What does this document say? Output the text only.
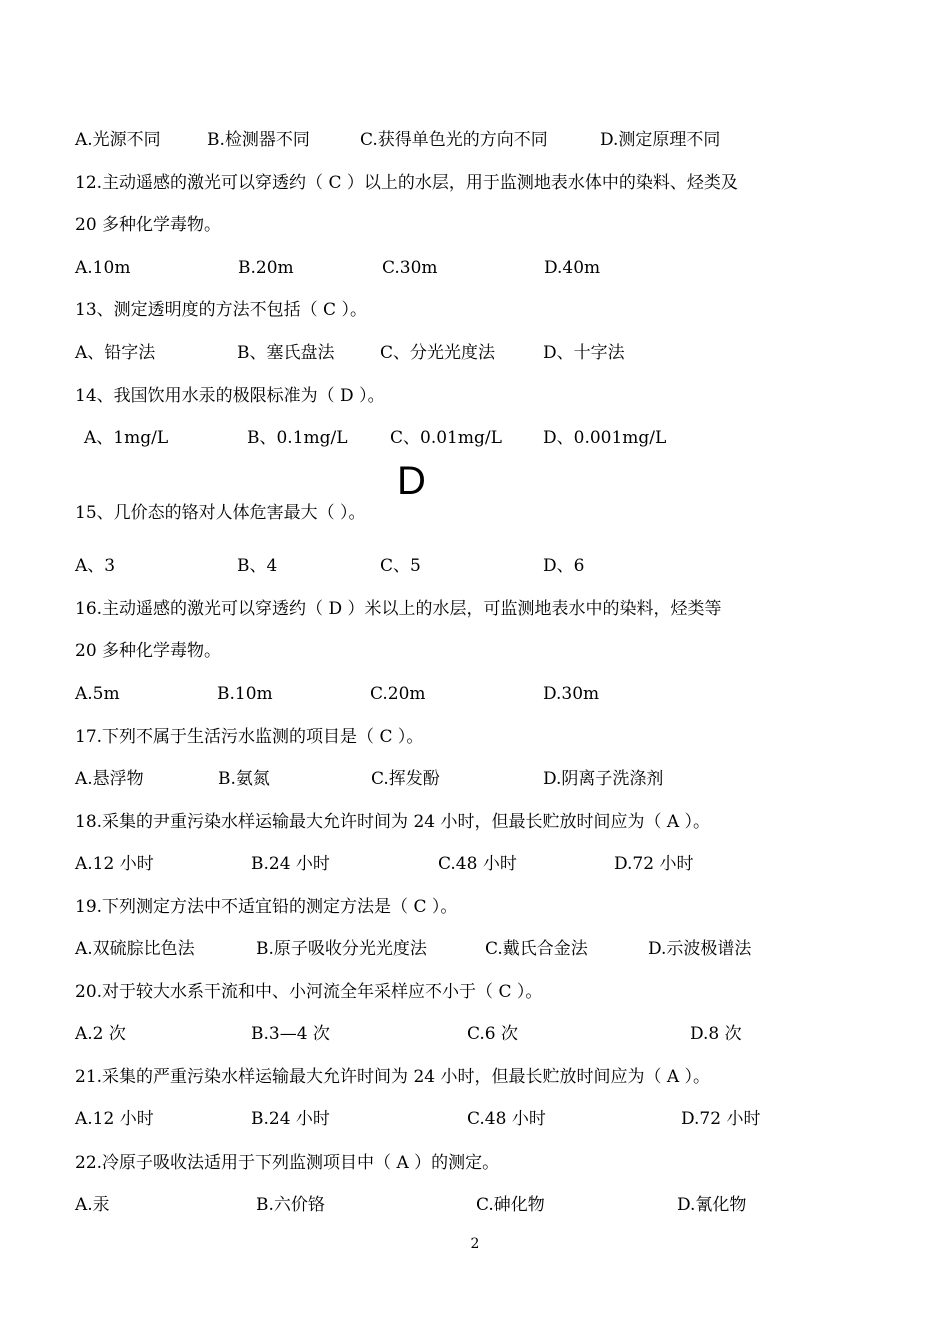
A.光源不同	B.检测器不同	C.获得单色光的方向不同	D.测定原理不同
12.主动遥感的激光可以穿透约（ C ）以上的水层，用于监测地表水体中的染料、烃类及
20 多种化学毒物。
A.10m	B.20m	C.30m	D.40m
13、测定透明度的方法不包括（ C ）。
A、铅字法	B、塞氏盘法	C、分光光度法	D、十字法
14、我国饮用水汞的极限标准为（ D ）。
A、1mg/L	B、0.1mg/L C、0.01mg/L D、0.001mg/L
D
15、几价态的铬对人体危害最大（ ）。
A、3	B、4	C、5	D、6
16.主动遥感的激光可以穿透约（ D ）米以上的水层，可监测地表水中的染料，烃类等
20 多种化学毒物。
A.5m	B.10m	C.20m	D.30m
17.下列不属于生活污水监测的项目是（ C ）。
A.悬浮物	B.氨氮	C.挥发酚	D.阴离子洗涤剂
18.采集的尹重污染水样运输最大允许时间为 24 小时，但最长贮放时间应为（ A ）。
A.12 小时	B.24 小时	C.48 小时	D.72 小时
19.下列测定方法中不适宜铅的测定方法是（ C ）。
A.双硫腙比色法	B.原子吸收分光光度法	C.戴氏合金法	D.示波极谱法
20.对于较大水系干流和中、小河流全年采样应不小于（ C ）。
A.2 次	B.3—4 次	C.6 次	D.8 次
21.采集的严重污染水样运输最大允许时间为 24 小时，但最长贮放时间应为（ A ）。
A.12 小时	B.24 小时	C.48 小时	D.72 小时
22.冷原子吸收法适用于下列监测项目中（ A ）的测定。
A.汞	B.六价铬	C.砷化物	D.氰化物
2
